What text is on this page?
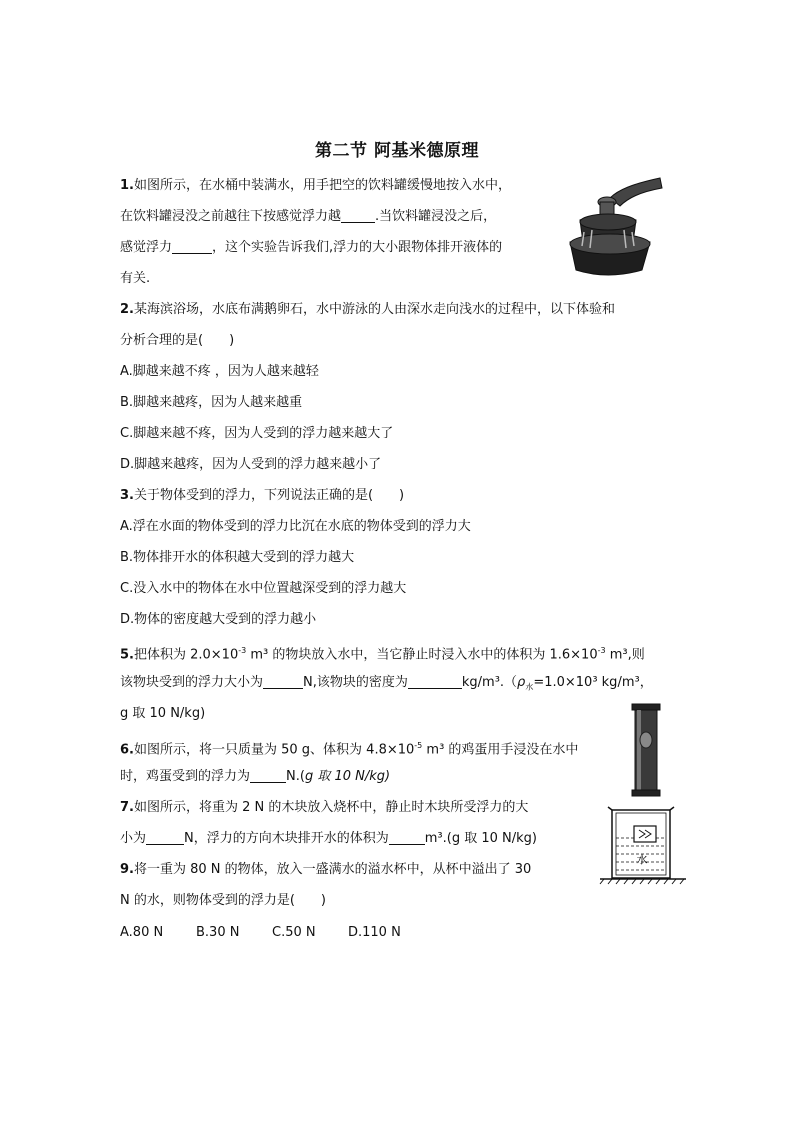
第二节 阿基米德原理
1.如图所示，在水桶中装满水，用手把空的饮料罐缓慢地按入水中，
在饮料罐浸没之前越往下按感觉浮力越	.当饮料罐浸没之后，
感觉浮力	，这个实验告诉我们,浮力的大小跟物体排开液体的
有关.
2.某海滨浴场，水底布满鹅卵石，水中游泳的人由深水走向浅水的过程中，以下体验和
分析合理的是(　　)
A.脚越来越不疼 ，因为人越来越轻
B.脚越来越疼，因为人越来越重
C.脚越来越不疼，因为人受到的浮力越来越大了
D.脚越来越疼，因为人受到的浮力越来越小了
3.关于物体受到的浮力，下列说法正确的是(　　)
A.浮在水面的物体受到的浮力比沉在水底的物体受到的浮力大
B.物体排开水的体积越大受到的浮力越大
C.没入水中的物体在水中位置越深受到的浮力越大
D.物体的密度越大受到的浮力越小
5.把体积为 $2.0\times 10^{-3}$ m³ 的物块放入水中，当它静止时浸入水中的体积为 $1.6\times 10^{-3}$ m³,则
该物块受到的浮力大小为	N,该物块的密度为	$kg/m^3.(\rho_水=1.0\times 10^3$ kg/m³，
g 取 10 N/kg)
6.如图所示，将一只质量为 50 g、体积为 $4.8\times 10^{-5}$ m³ 的鸡蛋用手浸没在水中
时，鸡蛋受到的浮力为	N.(g 取 10 N/kg)
7.如图所示，将重为 2 N 的木块放入烧杯中，静止时木块所受浮力的大
小为	N，浮力的方向木块排开水的体积为	m³.(g 取 10 N/kg)
水
9.将一重为 80 N 的物体，放入一盛满水的溢水杯中，从杯中溢出了 30
N 的水，则物体受到的浮力是(　　)
A.80 N	B.30 N	C.50 N D.110 N
